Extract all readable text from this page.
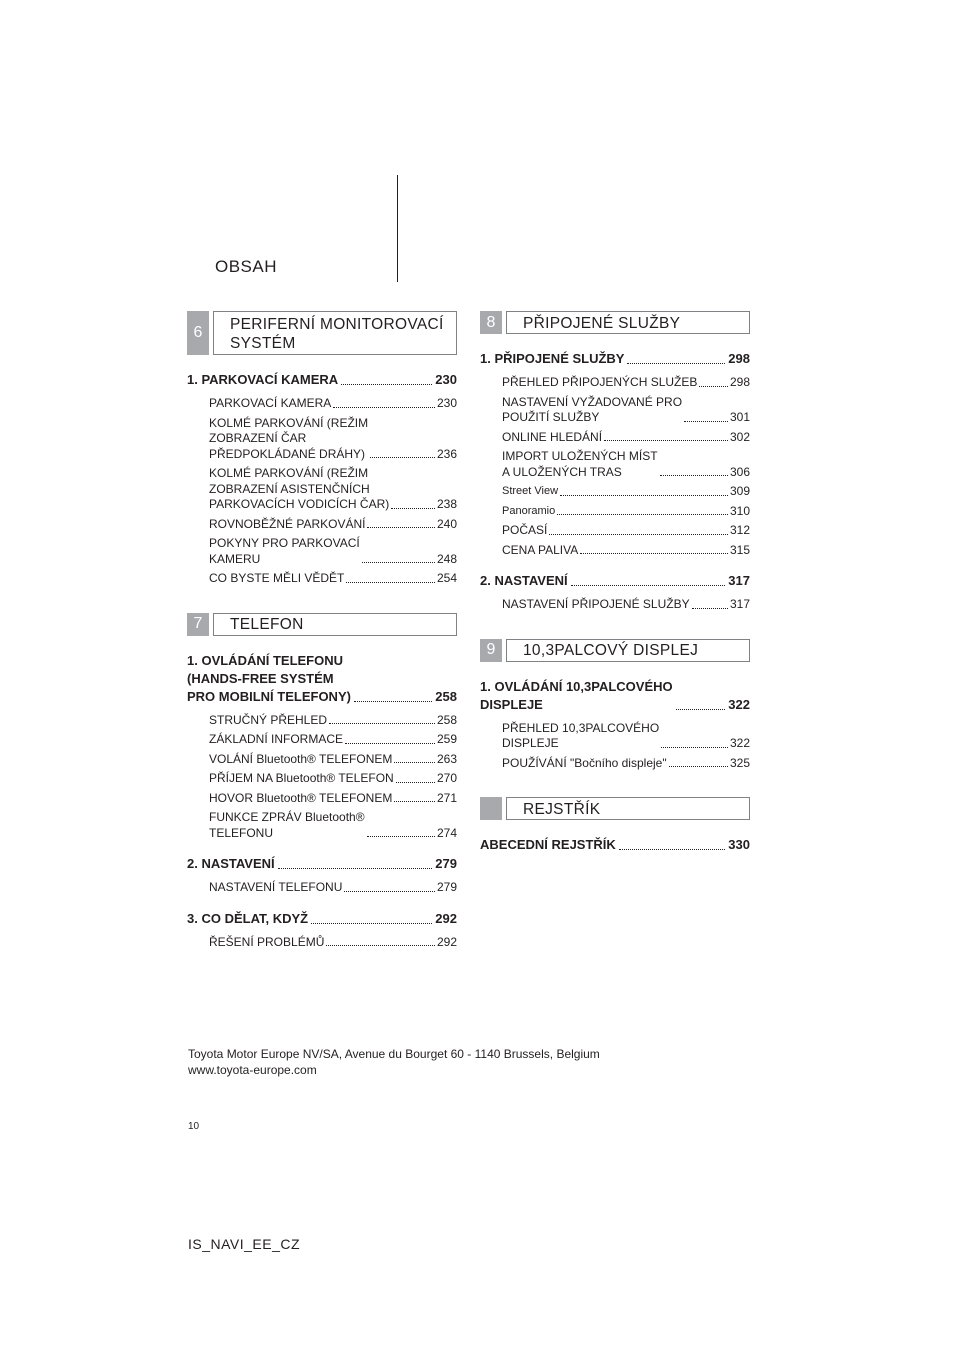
OBSAH
6	PERIFERNÍ MONITOROVACÍ
SYSTÉM
1. PARKOVACÍ KAMERA	230
PARKOVACÍ KAMERA	230
KOLMÉ PARKOVÁNÍ (REŽIM
ZOBRAZENÍ ČAR
PŘEDPOKLÁDANÉ DRÁHY)	236
KOLMÉ PARKOVÁNÍ (REŽIM
ZOBRAZENÍ ASISTENČNÍCH
PARKOVACÍCH VODICÍCH ČAR)	238
ROVNOBĚŽNÉ PARKOVÁNÍ	240
POKYNY PRO PARKOVACÍ
KAMERU	248
CO BYSTE MĚLI VĚDĚT	254
7	TELEFON
1. OVLÁDÁNÍ TELEFONU
(HANDS-FREE SYSTÉM
PRO MOBILNÍ TELEFONY)	258
STRUČNÝ PŘEHLED	258
ZÁKLADNÍ INFORMACE	259
VOLÁNÍ Bluetooth® TELEFONEM	263
PŘÍJEM NA Bluetooth® TELEFON	270
HOVOR Bluetooth® TELEFONEM	271
FUNKCE ZPRÁV Bluetooth®
TELEFONU	274
2. NASTAVENÍ	279
NASTAVENÍ TELEFONU	279
3. CO DĚLAT, KDYŽ	292
ŘEŠENÍ PROBLÉMŮ	292
8	PŘIPOJENÉ SLUŽBY
1. PŘIPOJENÉ SLUŽBY	298
PŘEHLED PŘIPOJENÝCH SLUŽEB	298
NASTAVENÍ VYŽADOVANÉ PRO
POUŽITÍ SLUŽBY	301
ONLINE HLEDÁNÍ	302
IMPORT ULOŽENÝCH MÍST
A ULOŽENÝCH TRAS	306
Street View	309
Panoramio	310
POČASÍ	312
CENA PALIVA	315
2. NASTAVENÍ	317
NASTAVENÍ PŘIPOJENÉ SLUŽBY	317
9	10,3PALCOVÝ DISPLEJ
1. OVLÁDÁNÍ 10,3PALCOVÉHO
DISPLEJE	322
PŘEHLED 10,3PALCOVÉHO
DISPLEJE	322
POUŽÍVÁNÍ "Bočního displeje"	325
REJSTŘÍK
ABECEDNÍ REJSTŘÍK	330
Toyota Motor Europe NV/SA, Avenue du Bourget 60 - 1140 Brussels, Belgium
www.toyota-europe.com
10
IS_NAVI_EE_CZ
